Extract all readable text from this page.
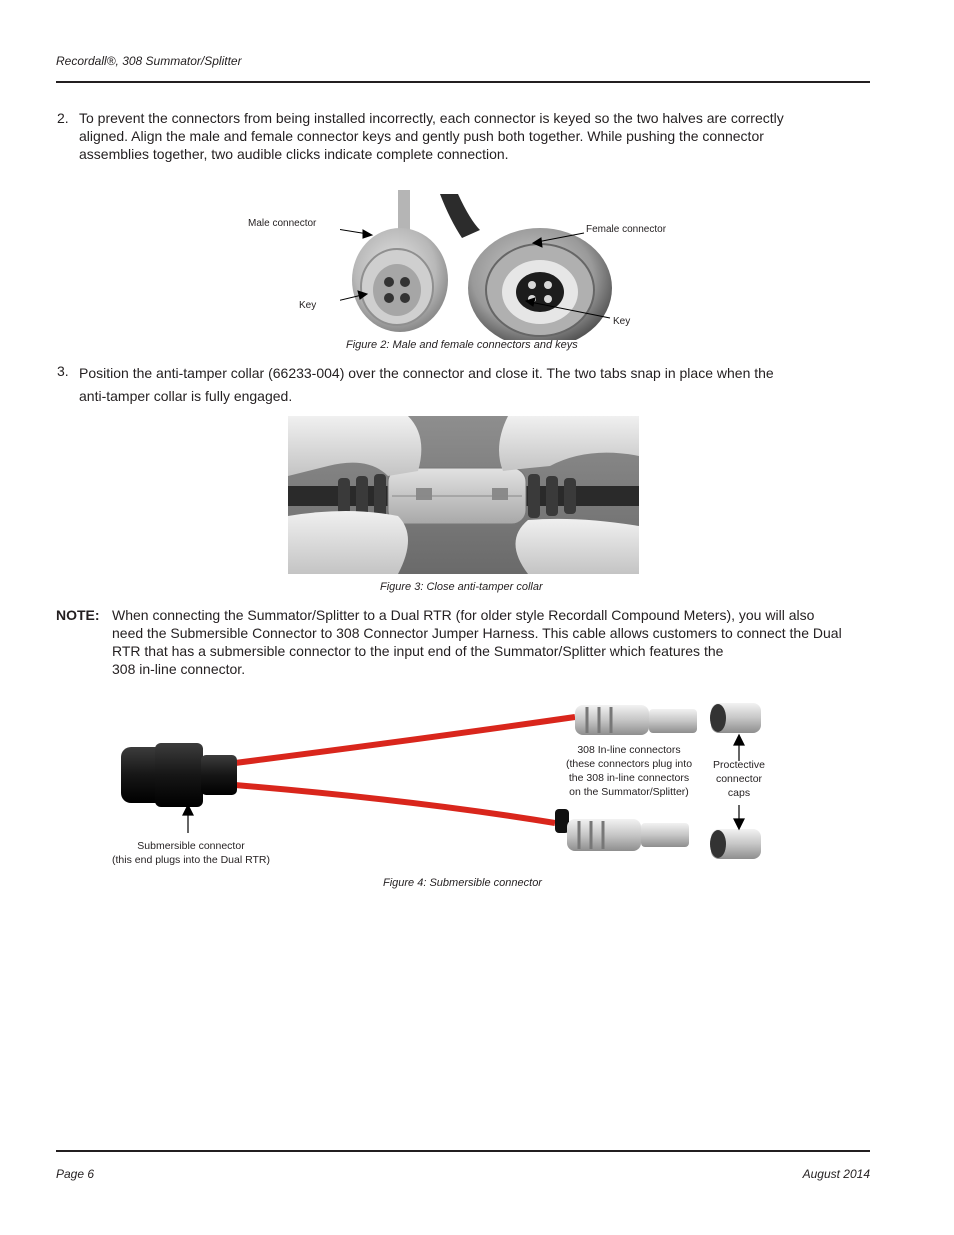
Recordall®, 308 Summator/Splitter
2. To prevent the connectors from being installed incorrectly, each connector is keyed so the two halves are correctly
aligned. Align the male and female connector keys and gently push both together. While pushing the connector
assemblies together, two audible clicks indicate complete connection.
Male connector
Female connector
Key
Key
Figure 2: Male and female connectors and keys
3. Position the anti-tamper collar (66233-004) over the connector and close it. The two tabs snap in place when the
anti-tamper collar is fully engaged.
Figure 3: Close anti-tamper collar
NOTE: When connecting the Summator/Splitter to a Dual RTR (for older style Recordall Compound Meters), you will also
need the Submersible Connector to 308 Connector Jumper Harness. This cable allows customers to connect the Dual
RTR that has a submersible connector to the input end of the Summator/Splitter which features the
308 in-line connector.
308 In-line connectors
(these connectors plug into
the 308 in-line connectors
on the Summator/Splitter)
Proctective
connector
caps
Submersible connector
(this end plugs into the Dual RTR)
Figure 4: Submersible connector
Page 6	August 2014
